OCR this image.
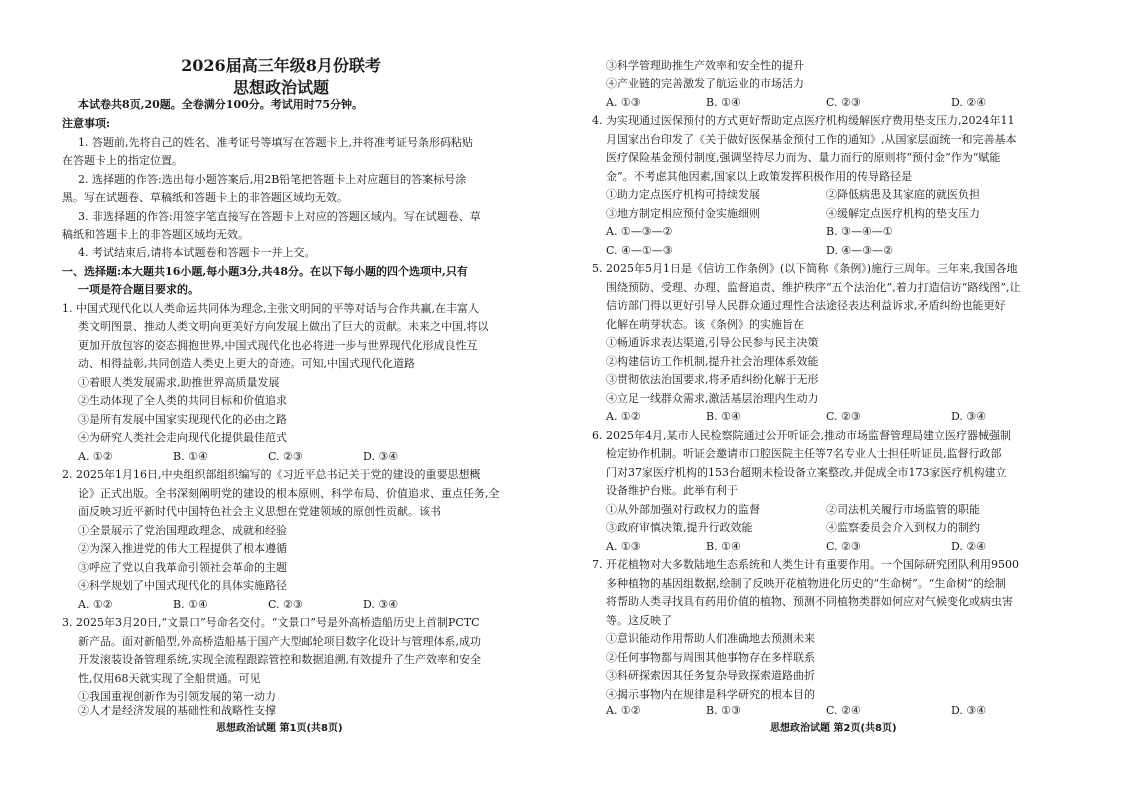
2026届高三年级8月份联考
思想政治试题
本试卷共8页,20题。全卷满分100分。考试用时75分钟。
注意事项:
1. 答题前,先将自己的姓名、准考证号等填写在答题卡上,并将准考证号条形码粘贴
在答题卡上的指定位置。
2. 选择题的作答:选出每小题答案后,用2B铅笔把答题卡上对应题目的答案标号涂
黑。写在试题卷、草稿纸和答题卡上的非答题区域均无效。
3. 非选择题的作答:用签字笔直接写在答题卡上对应的答题区域内。写在试题卷、草
稿纸和答题卡上的非答题区域均无效。
4. 考试结束后,请将本试题卷和答题卡一并上交。
一、选择题:本大题共16小题,每小题3分,共48分。在以下每小题的四个选项中,只有
一项是符合题目要求的。
1. 中国式现代化以人类命运共同体为理念,主张文明间的平等对话与合作共赢,在丰富人
类文明图景、推动人类文明向更美好方向发展上做出了巨大的贡献。未来之中国,将以
更加开放包容的姿态拥抱世界,中国式现代化也必将进一步与世界现代化形成良性互
动、相得益彰,共同创造人类史上更大的奇迹。可知,中国式现代化道路
①着眼人类发展需求,助推世界高质量发展
②生动体现了全人类的共同目标和价值追求
③是所有发展中国家实现现代化的必由之路
④为研究人类社会走向现代化提供最佳范式
A. ①②	B. ①④	C. ②③	D. ③④
2. 2025年1月16日,中央组织部组织编写的《习近平总书记关于党的建设的重要思想概
论》正式出版。全书深刻阐明党的建设的根本原则、科学布局、价值追求、重点任务,全
面反映习近平新时代中国特色社会主义思想在党建领域的原创性贡献。该书
①全景展示了党治国理政理念、成就和经验
②为深入推进党的伟大工程提供了根本遵循
③呼应了党以自我革命引领社会革命的主题
④科学规划了中国式现代化的具体实施路径
A. ①②	B. ①④	C. ②③	D. ③④
3. 2025年3月20日,“文景口”号命名交付。“文景口”号是外高桥造船历史上首制PCTC
新产品。面对新船型,外高桥造船基于国产大型邮轮项目数字化设计与管理体系,成功
开发滚装设备管理系统,实现全流程跟踪管控和数据追溯,有效提升了生产效率和安全
性,仅用68天就实现了全船贯通。可见
①我国重视创新作为引领发展的第一动力
②人才是经济发展的基础性和战略性支撑
思想政治试题 第1页(共8页)
③科学管理助推生产效率和安全性的提升
④产业链的完善激发了航运业的市场活力
A. ①③	B. ①④	C. ②③	D. ②④
4. 为实现通过医保预付的方式更好帮助定点医疗机构缓解医疗费用垫支压力,2024年11
月国家出台印发了《关于做好医保基金预付工作的通知》,从国家层面统一和完善基本
医疗保险基金预付制度,强调坚持尽力而为、量力而行的原则将“预付金”作为“赋能
金”。不考虑其他因素,国家以上政策发挥积极作用的传导路径是
①助力定点医疗机构可持续发展	②降低病患及其家庭的就医负担
③地方制定相应预付金实施细则	④缓解定点医疗机构的垫支压力
A. ①—③—②	B. ③—④—①
C. ④—①—③	D. ④—③—②
5. 2025年5月1日是《信访工作条例》(以下简称《条例》)施行三周年。三年来,我国各地
围绕预防、受理、办理、监督追责、维护秩序“五个法治化”,着力打造信访“路线图”,让
信访部门得以更好引导人民群众通过理性合法途径表达利益诉求,矛盾纠纷也能更好
化解在萌芽状态。该《条例》的实施旨在
①畅通诉求表达渠道,引导公民参与民主决策
②构建信访工作机制,提升社会治理体系效能
③贯彻依法治国要求,将矛盾纠纷化解于无形
④立足一线群众需求,激活基层治理内生动力
A. ①②	B. ①④	C. ②③	D. ③④
6. 2025年4月,某市人民检察院通过公开听证会,推动市场监督管理局建立医疗器械强制
检定协作机制。听证会邀请市口腔医院主任等7名专业人士担任听证员,监督行政部
门对37家医疗机构的153台超期未检设备立案整改,并促成全市173家医疗机构建立
设备维护台账。此举有利于
①从外部加强对行政权力的监督	②司法机关履行市场监管的职能
③政府审慎决策,提升行政效能	④监察委员会介入到权力的制约
A. ①③	B. ①④	C. ②③	D. ②④
7. 开花植物对大多数陆地生态系统和人类生计有重要作用。一个国际研究团队利用9500
多种植物的基因组数据,绘制了反映开花植物进化历史的“生命树”。“生命树”的绘制
将帮助人类寻找具有药用价值的植物、预测不同植物类群如何应对气候变化或病虫害
等。这反映了
①意识能动作用帮助人们准确地去预测未来
②任何事物都与周围其他事物存在多样联系
③科研探索因其任务复杂导致探索道路曲折
④揭示事物内在规律是科学研究的根本目的
A. ①②	B. ①③	C. ②④	D. ③④
思想政治试题 第2页(共8页)
